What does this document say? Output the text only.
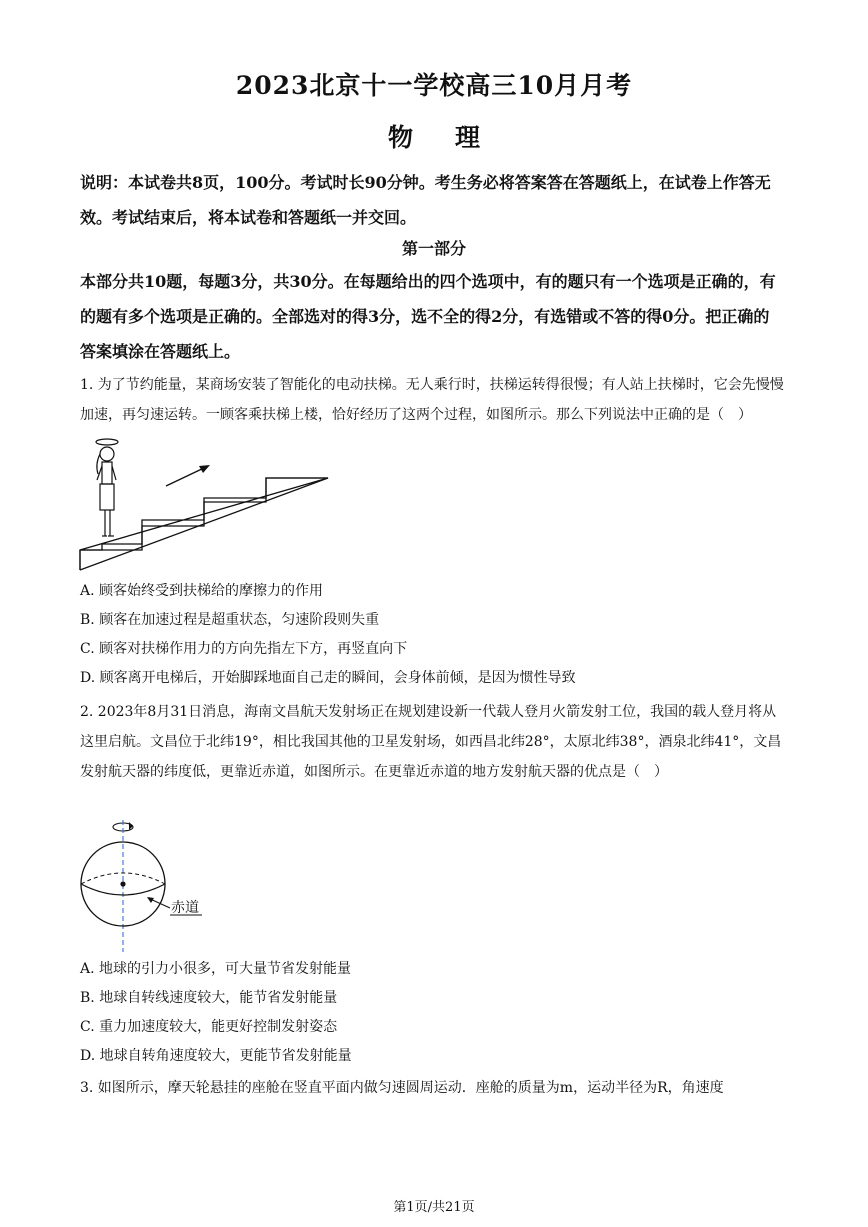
2023北京十一学校高三10月月考
物理
说明：本试卷共8页，100分。考试时长90分钟。考生务必将答案答在答题纸上，在试卷上作答无效。考试结束后，将本试卷和答题纸一并交回。
第一部分
本部分共10题，每题3分，共30分。在每题给出的四个选项中，有的题只有一个选项是正确的，有的题有多个选项是正确的。全部选对的得3分，选不全的得2分，有选错或不答的得0分。把正确的答案填涂在答题纸上。
1. 为了节约能量，某商场安装了智能化的电动扶梯。无人乘行时，扶梯运转得很慢；有人站上扶梯时，它会先慢慢加速，再匀速运转。一顾客乘扶梯上楼，恰好经历了这两个过程，如图所示。那么下列说法中正确的是（　）
A. 顾客始终受到扶梯给的摩擦力的作用
B. 顾客在加速过程是超重状态，匀速阶段则失重
C. 顾客对扶梯作用力的方向先指左下方，再竖直向下
D. 顾客离开电梯后，开始脚踩地面自己走的瞬间，会身体前倾，是因为惯性导致
2. 2023年8月31日消息，海南文昌航天发射场正在规划建设新一代载人登月火箭发射工位，我国的载人登月将从这里启航。文昌位于北纬19°，相比我国其他的卫星发射场，如西昌北纬28°，太原北纬38°，酒泉北纬41°，文昌发射航天器的纬度低，更靠近赤道，如图所示。在更靠近赤道的地方发射航天器的优点是（　）
赤道
A. 地球的引力小很多，可大量节省发射能量
B. 地球自转线速度较大，能节省发射能量
C. 重力加速度较大，能更好控制发射姿态
D. 地球自转角速度较大，更能节省发射能量
3. 如图所示，摩天轮悬挂的座舱在竖直平面内做匀速圆周运动．座舱的质量为m，运动半径为R，角速度
第1页/共21页
